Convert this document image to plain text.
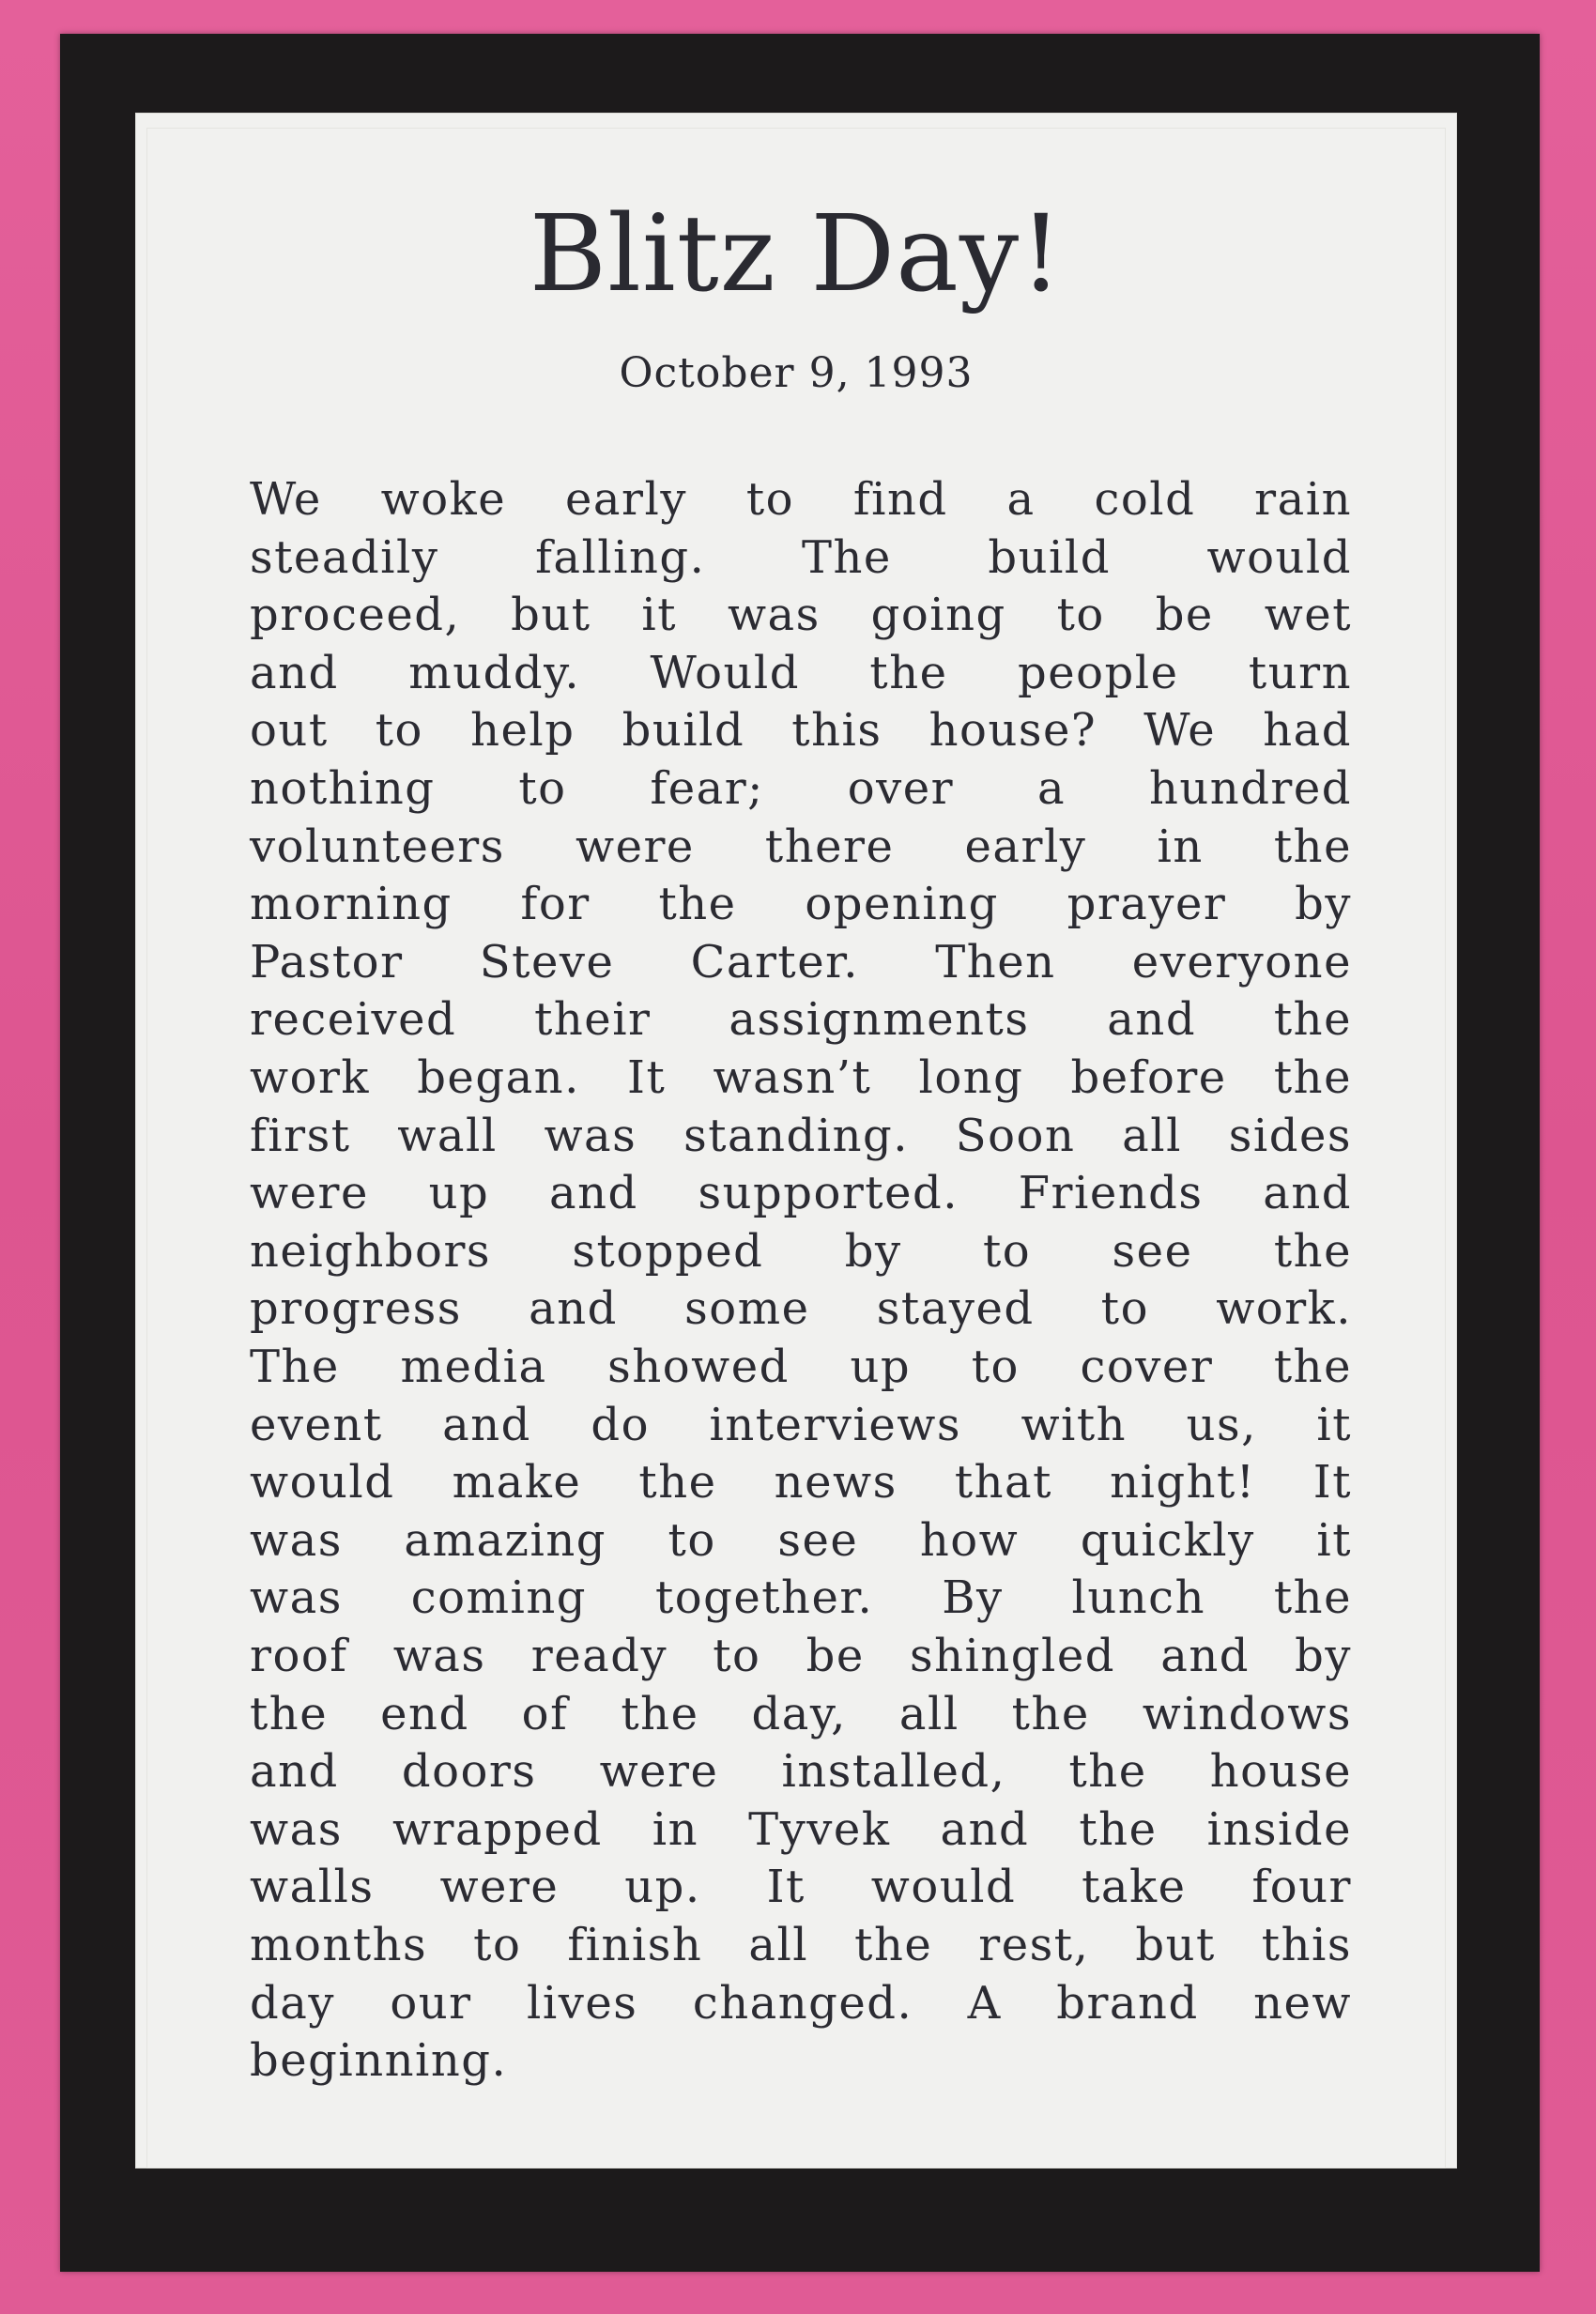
Blitz Day!
October 9, 1993
We woke early to find a cold rain
steadily falling. The build would
proceed, but it was going to be wet
and muddy. Would the people turn
out to help build this house? We had
nothing to fear; over a hundred
volunteers were there early in the
morning for the opening prayer by
Pastor Steve Carter. Then everyone
received their assignments and the
work began. It wasn’t long before the
first wall was standing. Soon all sides
were up and supported. Friends and
neighbors stopped by to see the
progress and some stayed to work.
The media showed up to cover the
event and do interviews with us, it
would make the news that night! It
was amazing to see how quickly it
was coming together. By lunch the
roof was ready to be shingled and by
the end of the day, all the windows
and doors were installed, the house
was wrapped in Tyvek and the inside
walls were up. It would take four
months to finish all the rest, but this
day our lives changed. A brand new
beginning.
